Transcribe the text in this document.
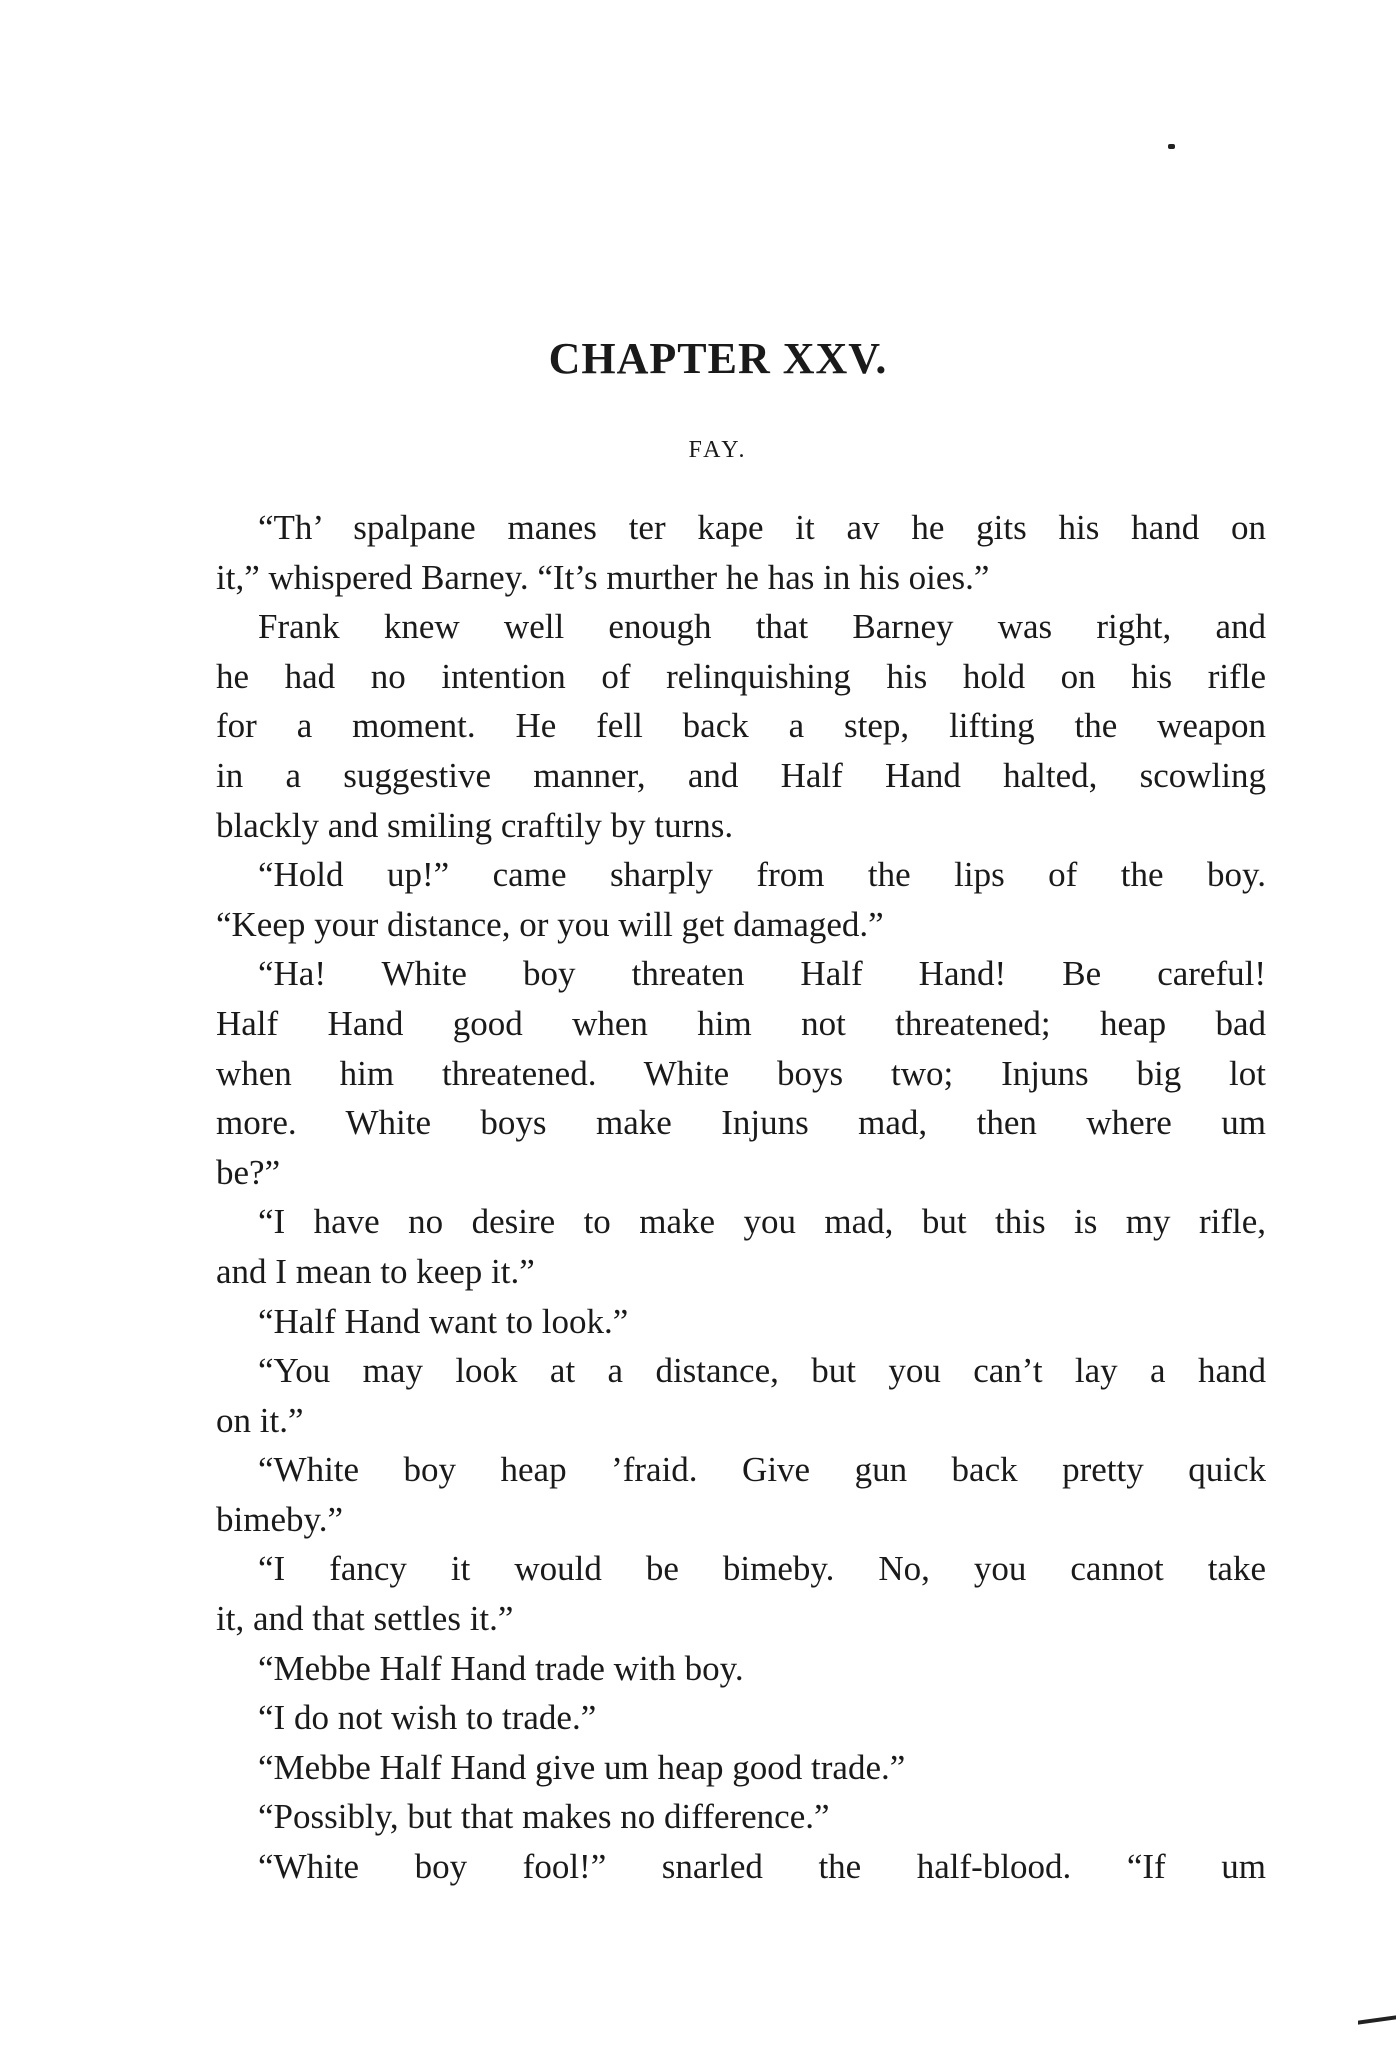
CHAPTER XXV.
FAY.
“Th’ spalpane manes ter kape it av he gits his hand on
it,” whispered Barney. “It’s murther he has in his oies.”
Frank knew well enough that Barney was right, and
he had no intention of relinquishing his hold on his rifle
for a moment. He fell back a step, lifting the weapon
in a suggestive manner, and Half Hand halted, scowling
blackly and smiling craftily by turns.
“Hold up!” came sharply from the lips of the boy.
“Keep your distance, or you will get damaged.”
“Ha! White boy threaten Half Hand! Be careful!
Half Hand good when him not threatened; heap bad
when him threatened. White boys two; Injuns big lot
more. White boys make Injuns mad, then where um
be?”
“I have no desire to make you mad, but this is my rifle,
and I mean to keep it.”
“Half Hand want to look.”
“You may look at a distance, but you can’t lay a hand
on it.”
“White boy heap ’fraid. Give gun back pretty quick
bimeby.”
“I fancy it would be bimeby. No, you cannot take
it, and that settles it.”
“Mebbe Half Hand trade with boy.
“I do not wish to trade.”
“Mebbe Half Hand give um heap good trade.”
“Possibly, but that makes no difference.”
“White boy fool!” snarled the half-blood. “If um
